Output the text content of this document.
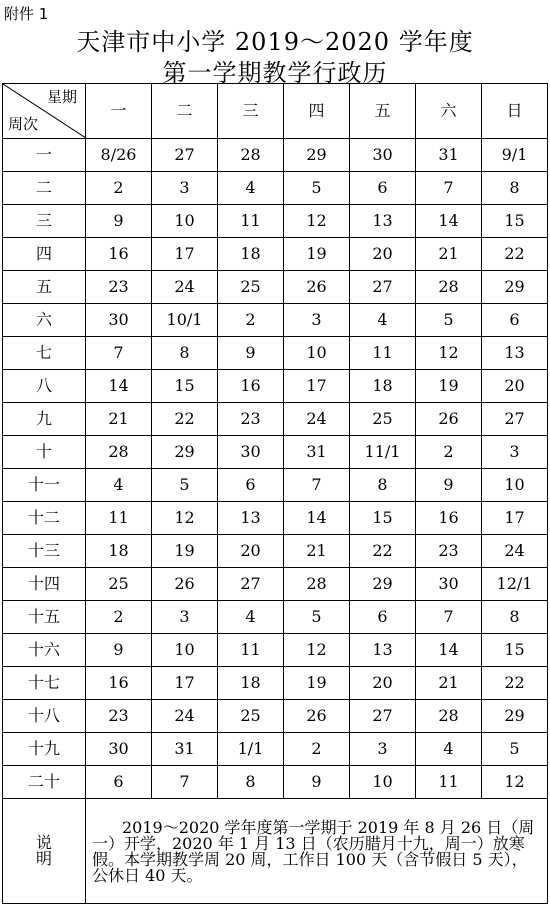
附件 1
天津市中小学 2019～2020 学年度
第一学期教学行政历
星期
周次	一	二	三	四	五	六	日
一	8/26	27	28	29	30	31	9/1
二	2	3	4	5	6	7	8
三	9	10	11	12	13	14	15
四	16	17	18	19	20	21	22
五	23	24	25	26	27	28	29
六	30	10/1	2	3	4	5	6
七	7	8	9	10	11	12	13
八	14	15	16	17	18	19	20
九	21	22	23	24	25	26	27
十	28	29	30	31	11/1	2	3
十一	4	5	6	7	8	9	10
十二	11	12	13	14	15	16	17
十三	18	19	20	21	22	23	24
十四	25	26	27	28	29	30	12/1
十五	2	3	4	5	6	7	8
十六	9	10	11	12	13	14	15
十七	16	17	18	19	20	21	22
十八	23	24	25	26	27	28	29
十九	30	31	1/1	2	3	4	5
二十	6	7	8	9	10	11	12

说
明	2019～2020 学年度第一学期于 2019 年 8 月 26 日（周一）开学，2020 年 1 月 13 日（农历腊月十九，周一）放寒假。本学期教学周 20 周，工作日 100 天（含节假日 5 天），公休日 40 天。						
